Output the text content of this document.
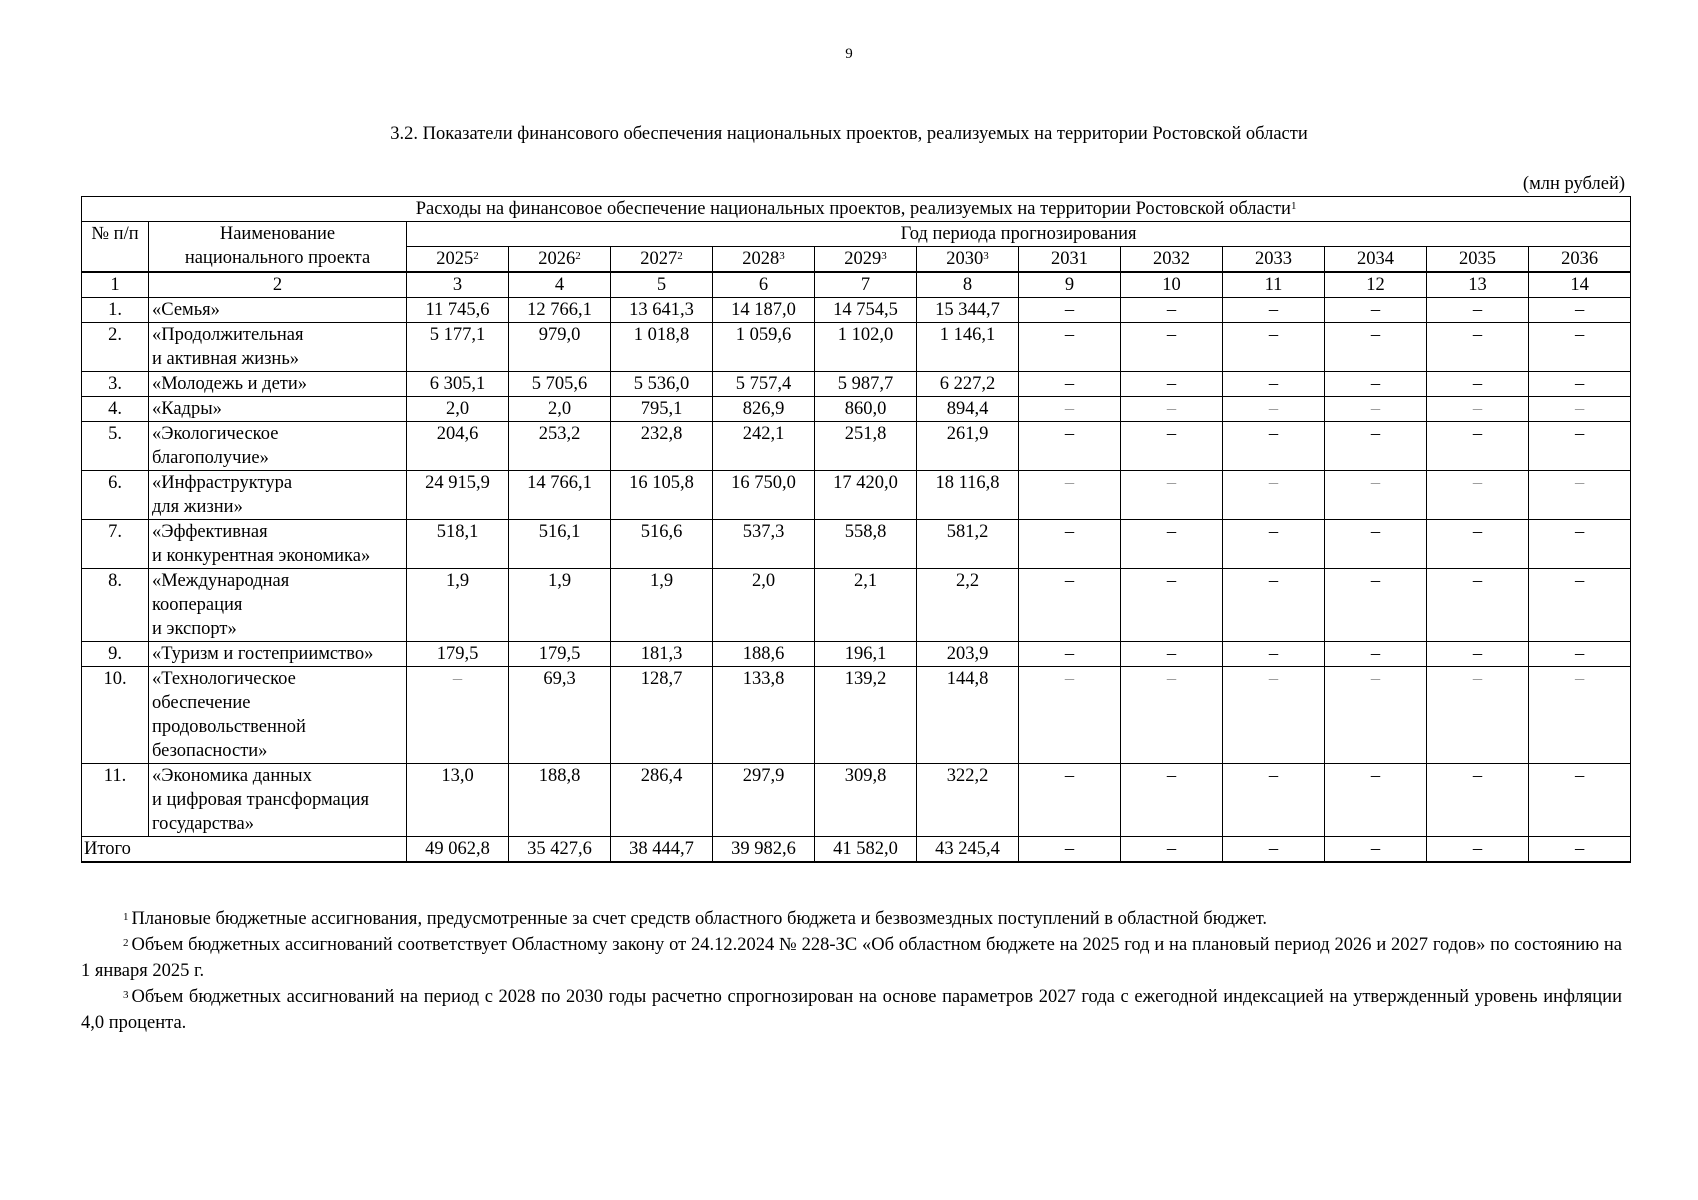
9
3.2. Показатели финансового обеспечения национальных проектов, реализуемых на территории Ростовской области
(млн рублей)
Расходы на финансовое обеспечение национальных проектов, реализуемых на территории Ростовской области$^1$
№ п/п	Наименование
национального проекта	Год периода прогнозирования											
		2025$^2$	2026$^2$	2027$^2$	2028$^3$	2029$^3$	2030$^3$	2031	2032	2033	2034	2035	2036
1	2	3	4	5	6	7	8	9	10	11	12	13	14
1.	«Семья»	11 745,6	12 766,1	13 641,3	14 187,0	14 754,5	15 344,7	–	–	–	–	–	–
2.	«Продолжительная
и активная жизнь»	5 177,1	979,0	1 018,8	1 059,6	1 102,0	1 146,1	–	–	–	–	–	–
3.	«Молодежь и дети»	6 305,1	5 705,6	5 536,0	5 757,4	5 987,7	6 227,2	–	–	–	–	–	–
4.	«Кадры»	2,0	2,0	795,1	826,9	860,0	894,4	–	–	–	–	–	–
5.	«Экологическое
благополучие»	204,6	253,2	232,8	242,1	251,8	261,9	–	–	–	–	–	–
6.	«Инфраструктура
для жизни»	24 915,9	14 766,1	16 105,8	16 750,0	17 420,0	18 116,8	–	–	–	–	–	–
7.	«Эффективная
и конкурентная экономика»	518,1	516,1	516,6	537,3	558,8	581,2	–	–	–	–	–	–
8.	«Международная
кооперация
и экспорт»	1,9	1,9	1,9	2,0	2,1	2,2	–	–	–	–	–	–
9.	«Туризм и гостеприимство»	179,5	179,5	181,3	188,6	196,1	203,9	–	–	–	–	–	–
10.	«Технологическое
обеспечение
продовольственной
безопасности»	–	69,3	128,7	133,8	139,2	144,8	–	–	–	–	–	–
11.	«Экономика данных
и цифровая трансформация
государства»	13,0	188,8	286,4	297,9	309,8	322,2	–	–	–	–	–	–
Итого		49 062,8	35 427,6	38 444,7	39 982,6	41 582,0	43 245,4	–	–	–	–	–	–

$^1$ Плановые бюджетные ассигнования, предусмотренные за счет средств областного бюджета и безвозмездных поступлений в областной бюджет.

$^2$ Объем бюджетных ассигнований соответствует Областному закону от 24.12.2024 № 228-ЗС «Об областном бюджете на 2025 год и на плановый период 2026 и 2027 годов» по состоянию на 1 января 2025 г.

$^3$ Объем бюджетных ассигнований на период с 2028 по 2030 годы расчетно спрогнозирован на основе параметров 2027 года с ежегодной индексацией на утвержденный уровень инфляции 4,0 процента.
